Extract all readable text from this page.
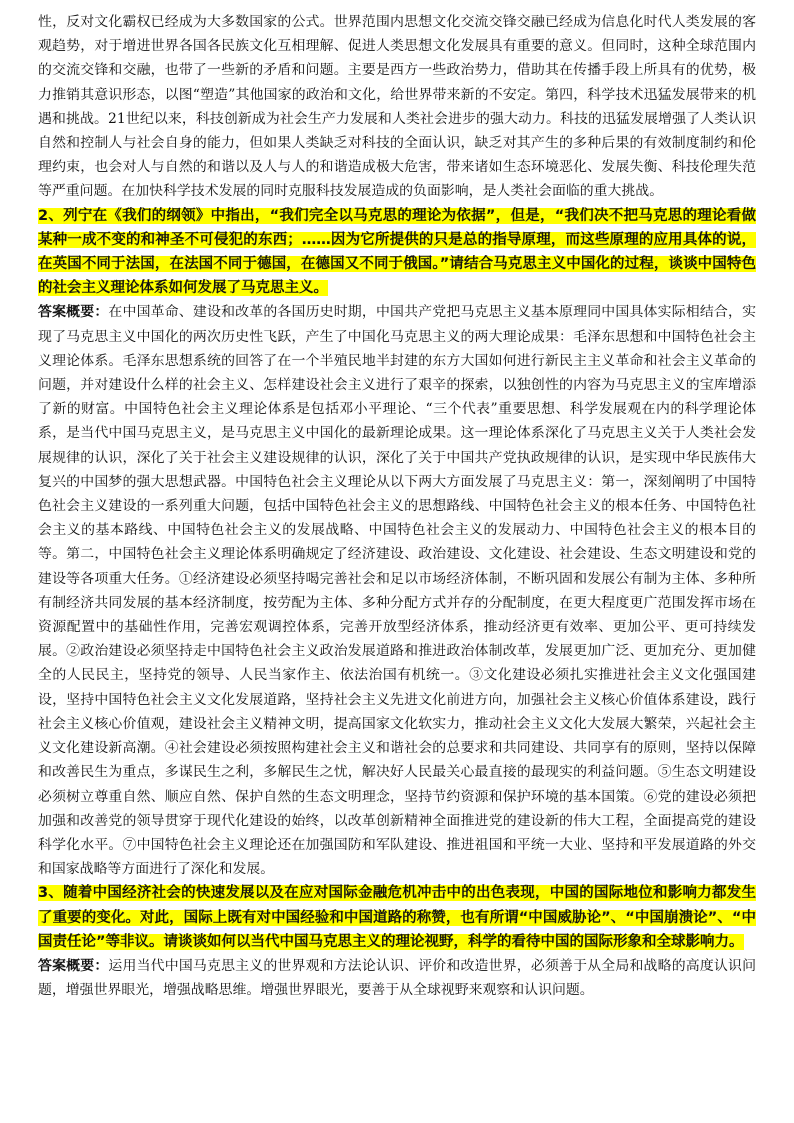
性，反对文化霸权已经成为大多数国家的公式。世界范围内思想文化交流交锋交融已经成为信息化时代人类发展的客观趋势，对于增进世界各国各民族文化互相理解、促进人类思想文化发展具有重要的意义。但同时，这种全球范围内的交流交锋和交融，也带了一些新的矛盾和问题。主要是西方一些政治势力，借助其在传播手段上所具有的优势，极力推销其意识形态，以图“塑造”其他国家的政治和文化，给世界带来新的不安定。第四，科学技术迅猛发展带来的机遇和挑战。21世纪以来，科技创新成为社会生产力发展和人类社会进步的强大动力。科技的迅猛发展增强了人类认识自然和控制人与社会自身的能力，但如果人类缺乏对科技的全面认识，缺乏对其产生的多种后果的有效制度制约和伦理约束，也会对人与自然的和谐以及人与人的和谐造成极大危害，带来诸如生态环境恶化、发展失衡、科技伦理失范等严重问题。在加快科学技术发展的同时克服科技发展造成的负面影响，是人类社会面临的重大挑战。

2、列宁在《我们的纲领》中指出，“我们完全以马克思的理论为依据”，但是，“我们决不把马克思的理论看做某种一成不变的和神圣不可侵犯的东西；……因为它所提供的只是总的指导原理，而这些原理的应用具体的说，在英国不同于法国，在法国不同于德国，在德国又不同于俄国。”请结合马克思主义中国化的过程，谈谈中国特色的社会主义理论体系如何发展了马克思主义。

答案概要：在中国革命、建设和改革的各国历史时期，中国共产党把马克思主义基本原理同中国具体实际相结合，实现了马克思主义中国化的两次历史性飞跃，产生了中国化马克思主义的两大理论成果：毛泽东思想和中国特色社会主义理论体系。毛泽东思想系统的回答了在一个半殖民地半封建的东方大国如何进行新民主主义革命和社会主义革命的问题，并对建设什么样的社会主义、怎样建设社会主义进行了艰辛的探索，以独创性的内容为马克思主义的宝库增添了新的财富。中国特色社会主义理论体系是包括邓小平理论、“三个代表”重要思想、科学发展观在内的科学理论体系，是当代中国马克思主义，是马克思主义中国化的最新理论成果。这一理论体系深化了马克思主义关于人类社会发展规律的认识，深化了关于社会主义建设规律的认识，深化了关于中国共产党执政规律的认识，是实现中华民族伟大复兴的中国梦的强大思想武器。中国特色社会主义理论从以下两大方面发展了马克思主义：第一，深刻阐明了中国特色社会主义建设的一系列重大问题，包括中国特色社会主义的思想路线、中国特色社会主义的根本任务、中国特色社会主义的基本路线、中国特色社会主义的发展战略、中国特色社会主义的发展动力、中国特色社会主义的根本目的等。第二，中国特色社会主义理论体系明确规定了经济建设、政治建设、文化建设、社会建设、生态文明建设和党的建设等各项重大任务。①经济建设必须坚持喝完善社会和足以市场经济体制，不断巩固和发展公有制为主体、多种所有制经济共同发展的基本经济制度，按劳配为主体、多种分配方式并存的分配制度，在更大程度更广范围发挥市场在资源配置中的基础性作用，完善宏观调控体系，完善开放型经济体系，推动经济更有效率、更加公平、更可持续发展。②政治建设必须坚持走中国特色社会主义政治发展道路和推进政治体制改革，发展更加广泛、更加充分、更加健全的人民民主，坚持党的领导、人民当家作主、依法治国有机统一。③文化建设必须扎实推进社会主义文化强国建设，坚持中国特色社会主义文化发展道路，坚持社会主义先进文化前进方向，加强社会主义核心价值体系建设，践行社会主义核心价值观，建设社会主义精神文明，提高国家文化软实力，推动社会主义文化大发展大繁荣，兴起社会主义文化建设新高潮。④社会建设必须按照构建社会主义和谐社会的总要求和共同建设、共同享有的原则，坚持以保障和改善民生为重点，多谋民生之利，多解民生之忧，解决好人民最关心最直接的最现实的利益问题。⑤生态文明建设必须树立尊重自然、顺应自然、保护自然的生态文明理念，坚持节约资源和保护环境的基本国策。⑥党的建设必须把加强和改善党的领导贯穿于现代化建设的始终，以改革创新精神全面推进党的建设新的伟大工程，全面提高党的建设科学化水平。⑦中国特色社会主义理论还在加强国防和军队建设、推进祖国和平统一大业、坚持和平发展道路的外交和国家战略等方面进行了深化和发展。

3、随着中国经济社会的快速发展以及在应对国际金融危机冲击中的出色表现，中国的国际地位和影响力都发生了重要的变化。对此，国际上既有对中国经验和中国道路的称赞，也有所谓“中国威胁论”、“中国崩溃论”、“中国责任论”等非议。请谈谈如何以当代中国马克思主义的理论视野，科学的看待中国的国际形象和全球影响力。

答案概要：运用当代中国马克思主义的世界观和方法论认识、评价和改造世界，必须善于从全局和战略的高度认识问题，增强世界眼光，增强战略思维。增强世界眼光，要善于从全球视野来观察和认识问题。
